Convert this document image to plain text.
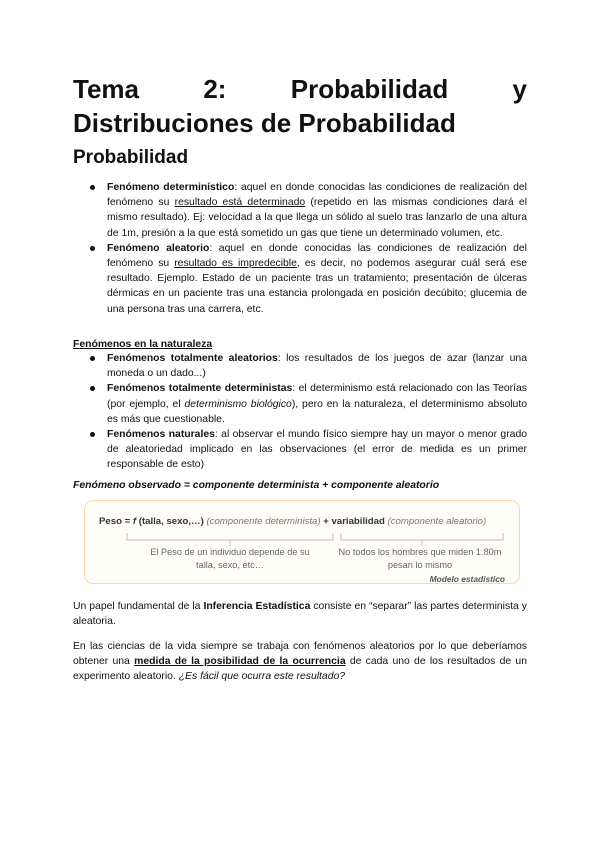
Tema 2: Probabilidad y
Distribuciones de Probabilidad
Probabilidad
Fenómeno determinístico: aquel en donde conocidas las condiciones de realización del fenómeno su resultado está determinado (repetido en las mismas condiciones dará el mismo resultado). Ej: velocidad a la que llega un sólido al suelo tras lanzarlo de una altura de 1m, presión a la que está sometido un gas que tiene un determinado volumen, etc.
Fenómeno aleatorio: aquel en donde conocidas las condiciones de realización del fenómeno su resultado es impredecible, es decir, no podemos asegurar cuál será ese resultado. Ejemplo. Estado de un paciente tras un tratamiento; presentación de úlceras dérmicas en un paciente tras una estancia prolongada en posición decúbito; glucemia de una persona tras una carrera, etc.

Fenómenos en la naturaleza

Fenómenos totalmente aleatorios: los resultados de los juegos de azar (lanzar una moneda o un dado...)
Fenómenos totalmente deterministas: el determinismo está relacionado con las Teorías (por ejemplo, el determinismo biológico), pero en la naturaleza, el determinismo absoluto es más que cuestionable.
Fenómenos naturales: al observar el mundo físico siempre hay un mayor o menor grado de aleatoriedad implicado en las observaciones (el error de medida es un primer responsable de esto)

Fenómeno observado = componente determinista + componente aleatorio

Peso = f (talla, sexo,…) (componente determinista) + variabilidad (componente aleatorio)
El Peso de un individuo depende de su talla, sexo, etc…
No todos los hombres que miden 1.80m pesan lo mismo
Modelo estadístico

Un papel fundamental de la Inferencia Estadística consiste en “separar” las partes determinista y aleatoria.

En las ciencias de la vida siempre se trabaja con fenómenos aleatorios por lo que deberíamos obtener una medida de la posibilidad de la ocurrencia de cada uno de los resultados de un experimento aleatorio. ¿Es fácil que ocurra este resultado?
